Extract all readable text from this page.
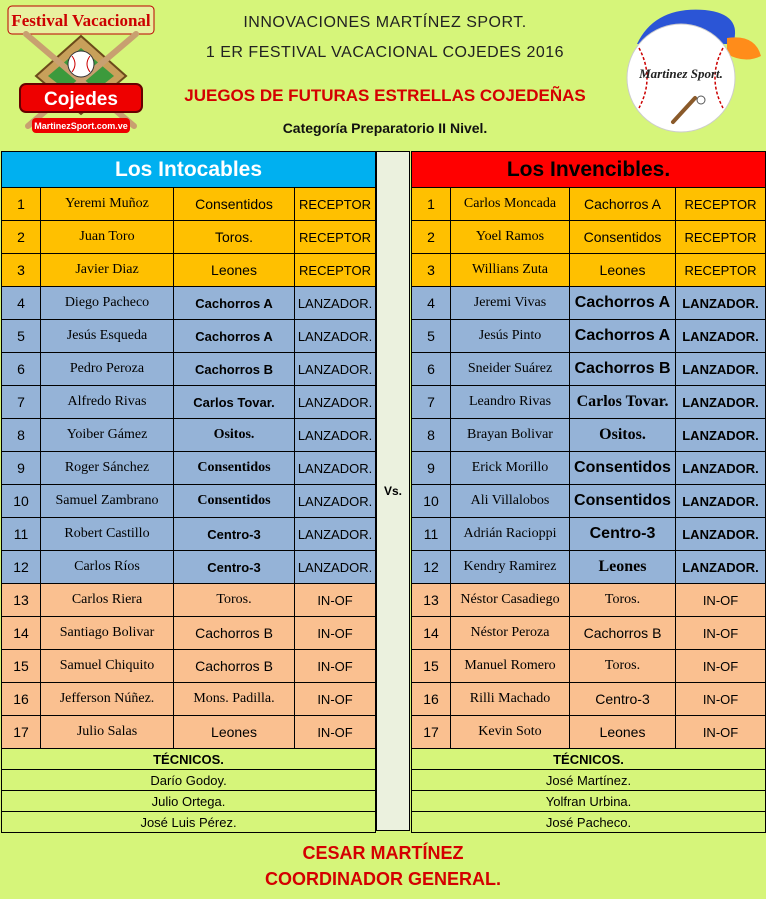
Festival Vacacional
Cojedes
MartinezSport.com.ve
INNOVACIONES MARTÍNEZ SPORT.
1 ER FESTIVAL VACACIONAL COJEDES 2016
JUEGOS DE FUTURAS ESTRELLAS COJEDEÑAS
Categoría Preparatorio II Nivel.
Martinez Sport.
Los Intocables			
1	Yeremi Muñoz	Consentidos	RECEPTOR
2	Juan Toro	Toros.	RECEPTOR
3	Javier Diaz	Leones	RECEPTOR
4	Diego Pacheco	Cachorros A	LANZADOR.
5	Jesús Esqueda	Cachorros A	LANZADOR.
6	Pedro Peroza	Cachorros B	LANZADOR.
7	Alfredo Rivas	Carlos Tovar.	LANZADOR.
8	Yoiber Gámez	Ositos.	LANZADOR.
9	Roger Sánchez	Consentidos	LANZADOR.
10	Samuel Zambrano	Consentidos	LANZADOR.
11	Robert Castillo	Centro-3	LANZADOR.
12	Carlos Ríos	Centro-3	LANZADOR.
13	Carlos Riera	Toros.	IN-OF
14	Santiago Bolivar	Cachorros B	IN-OF
15	Samuel Chiquito	Cachorros B	IN-OF
16	Jefferson Núñez.	Mons. Padilla.	IN-OF
17	Julio Salas	Leones	IN-OF
TÉCNICOS.			
Darío Godoy.			
Julio Ortega.			
José Luis Pérez.			
Vs.
Los Invencibles.			
1	Carlos Moncada	Cachorros A	RECEPTOR
2	Yoel Ramos	Consentidos	RECEPTOR
3	Willians Zuta	Leones	RECEPTOR
4	Jeremi Vivas	Cachorros A	LANZADOR.
5	Jesús Pinto	Cachorros A	LANZADOR.
6	Sneider Suárez	Cachorros B	LANZADOR.
7	Leandro Rivas	Carlos Tovar.	LANZADOR.
8	Brayan Bolivar	Ositos.	LANZADOR.
9	Erick Morillo	Consentidos	LANZADOR.
10	Ali Villalobos	Consentidos	LANZADOR.
11	Adrián Racioppi	Centro-3	LANZADOR.
12	Kendry Ramirez	Leones	LANZADOR.
13	Néstor Casadiego	Toros.	IN-OF
14	Néstor Peroza	Cachorros B	IN-OF
15	Manuel Romero	Toros.	IN-OF
16	Rilli Machado	Centro-3	IN-OF
17	Kevin Soto	Leones	IN-OF
TÉCNICOS.			
José Martínez.			
Yolfran Urbina.			
José Pacheco.			
CESAR MARTÍNEZ
COORDINADOR GENERAL.
